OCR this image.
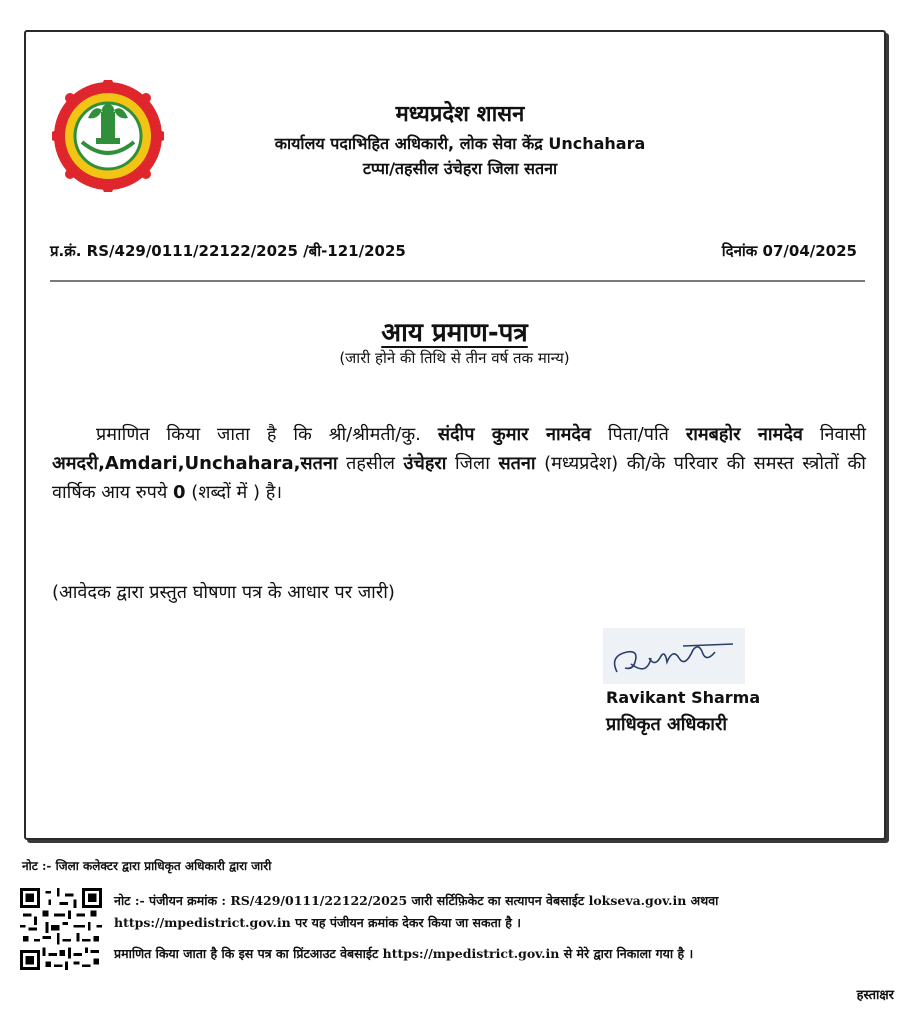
मध्यप्रदेश शासन
कार्यालय पदाभिहित अधिकारी, लोक सेवा केंद्र Unchahara
टप्पा/तहसील उंचेहरा जिला सतना
प्र.क्रं. RS/429/0111/22122/2025 /बी-121/2025	दिनांक 07/04/2025
आय प्रमाण-पत्र
(जारी होने की तिथि से तीन वर्ष तक मान्य)
प्रमाणित किया जाता है कि श्री/श्रीमती/कु. संदीप कुमार नामदेव पिता/पति रामबहोर नामदेव निवासी अमदरी,Amdari,Unchahara,सतना तहसील उंचेहरा जिला सतना (मध्यप्रदेश) की/के परिवार की समस्त स्त्रोतों की वार्षिक आय रुपये 0 (शब्दों में ) है।
(आवेदक द्वारा प्रस्तुत घोषणा पत्र के आधार पर जारी)
Ravikant
Ravikant Sharma
प्राधिकृत अधिकारी
नोट :- जिला कलेक्टर द्वारा प्राधिकृत अधिकारी द्वारा जारी
नोट :- पंजीयन क्रमांक : RS/429/0111/22122/2025 जारी सर्टिफ़िकेट का सत्यापन वेबसाईट lokseva.gov.in अथवा https://mpedistrict.gov.in पर यह पंजीयन क्रमांक देकर किया जा सकता है ।
प्रमाणित किया जाता है कि इस पत्र का प्रिंटआउट वेबसाईट https://mpedistrict.gov.in से मेरे द्वारा निकाला गया है ।
हस्ताक्षर
